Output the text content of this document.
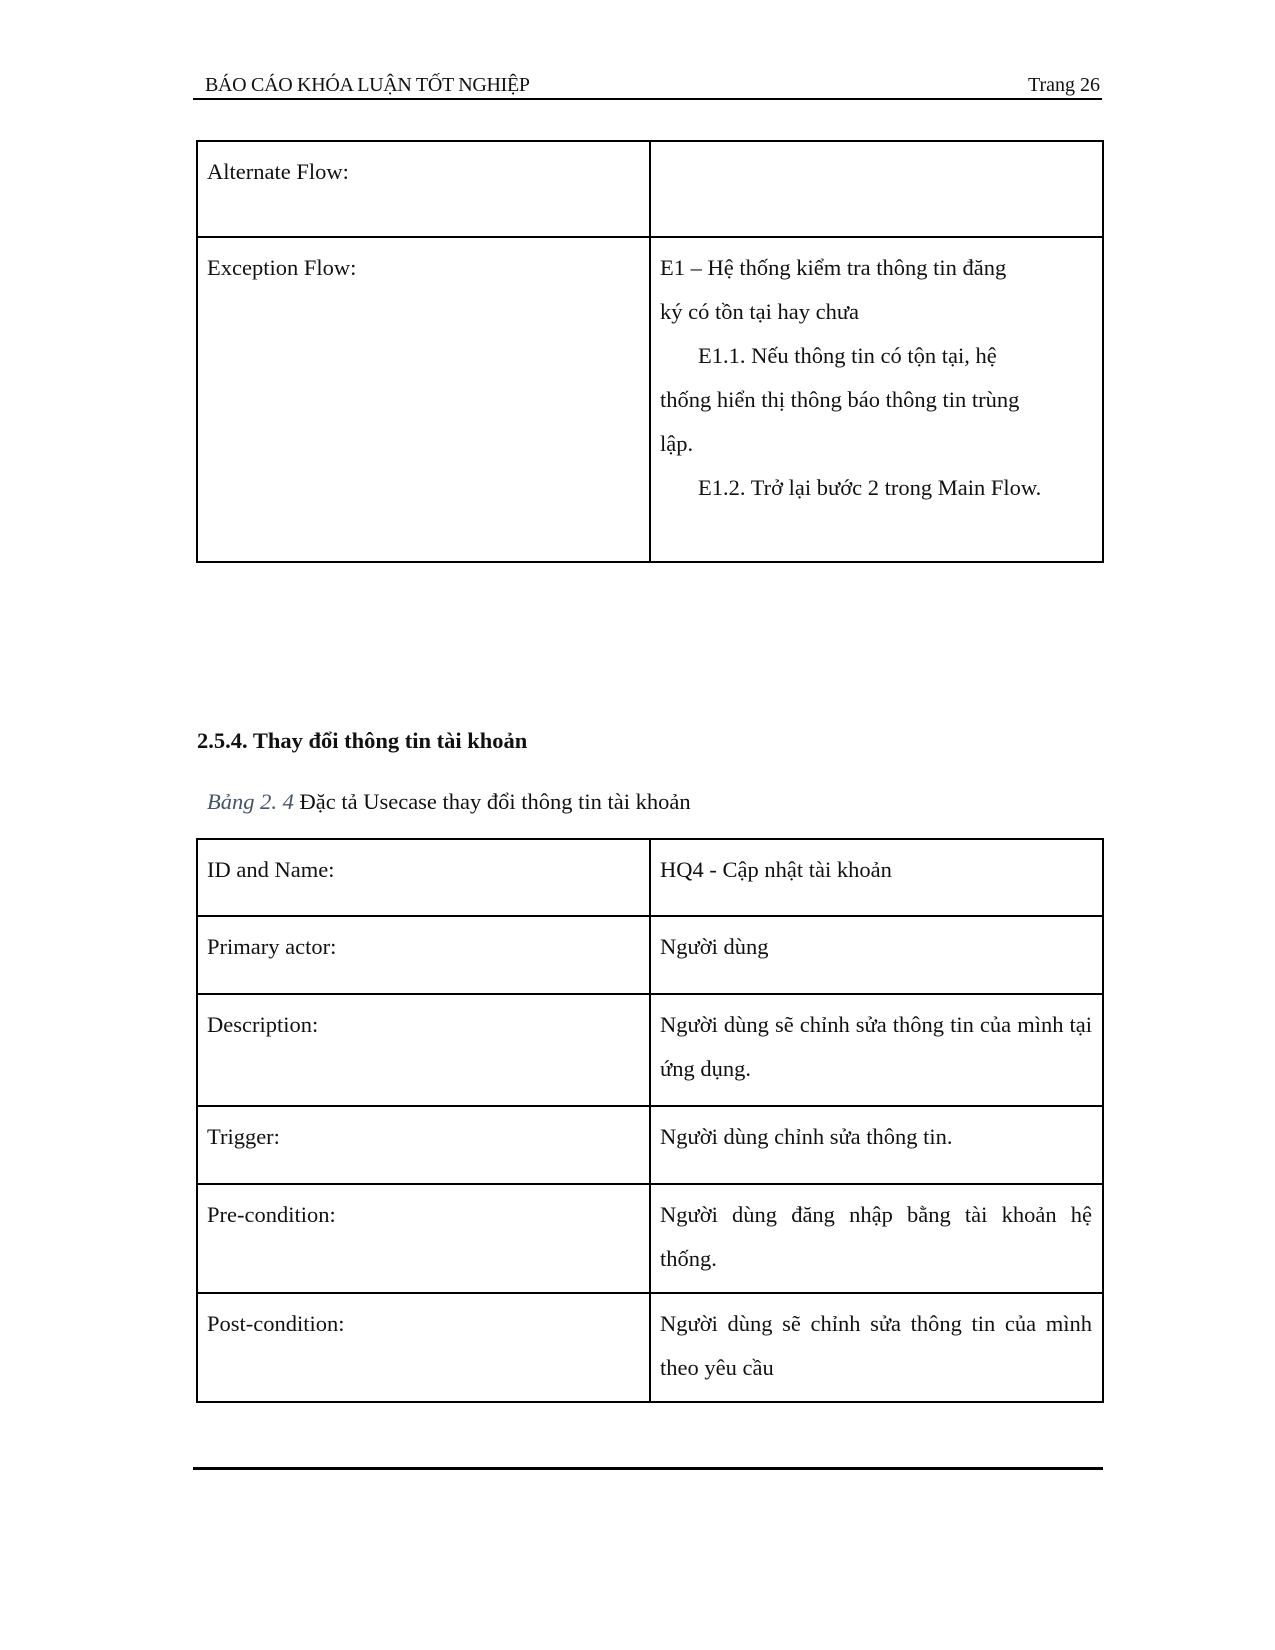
BÁO CÁO KHÓA LUẬN TỐT NGHIỆP	Trang 26
Alternate Flow:	
Exception Flow:	E1 – Hệ thống kiểm tra thông tin đăng
ký có tồn tại hay chưa
E1.1. Nếu thông tin có tộn tại, hệ
thống hiển thị thông báo thông tin trùng
lập.
E1.2. Trở lại bước 2 trong Main Flow.
2.5.4. Thay đổi thông tin tài khoản
Bảng 2. 4 Đặc tả Usecase thay đổi thông tin tài khoản
ID and Name:	HQ4 - Cập nhật tài khoản
Primary actor:	Người dùng
Description:	Người dùng sẽ chỉnh sửa thông tin của mình tại ứng dụng.
Trigger:	Người dùng chỉnh sửa thông tin.
Pre-condition:	Người dùng đăng nhập bằng tài khoản hệ thống.
Post-condition:	Người dùng sẽ chỉnh sửa thông tin của mình theo yêu cầu
